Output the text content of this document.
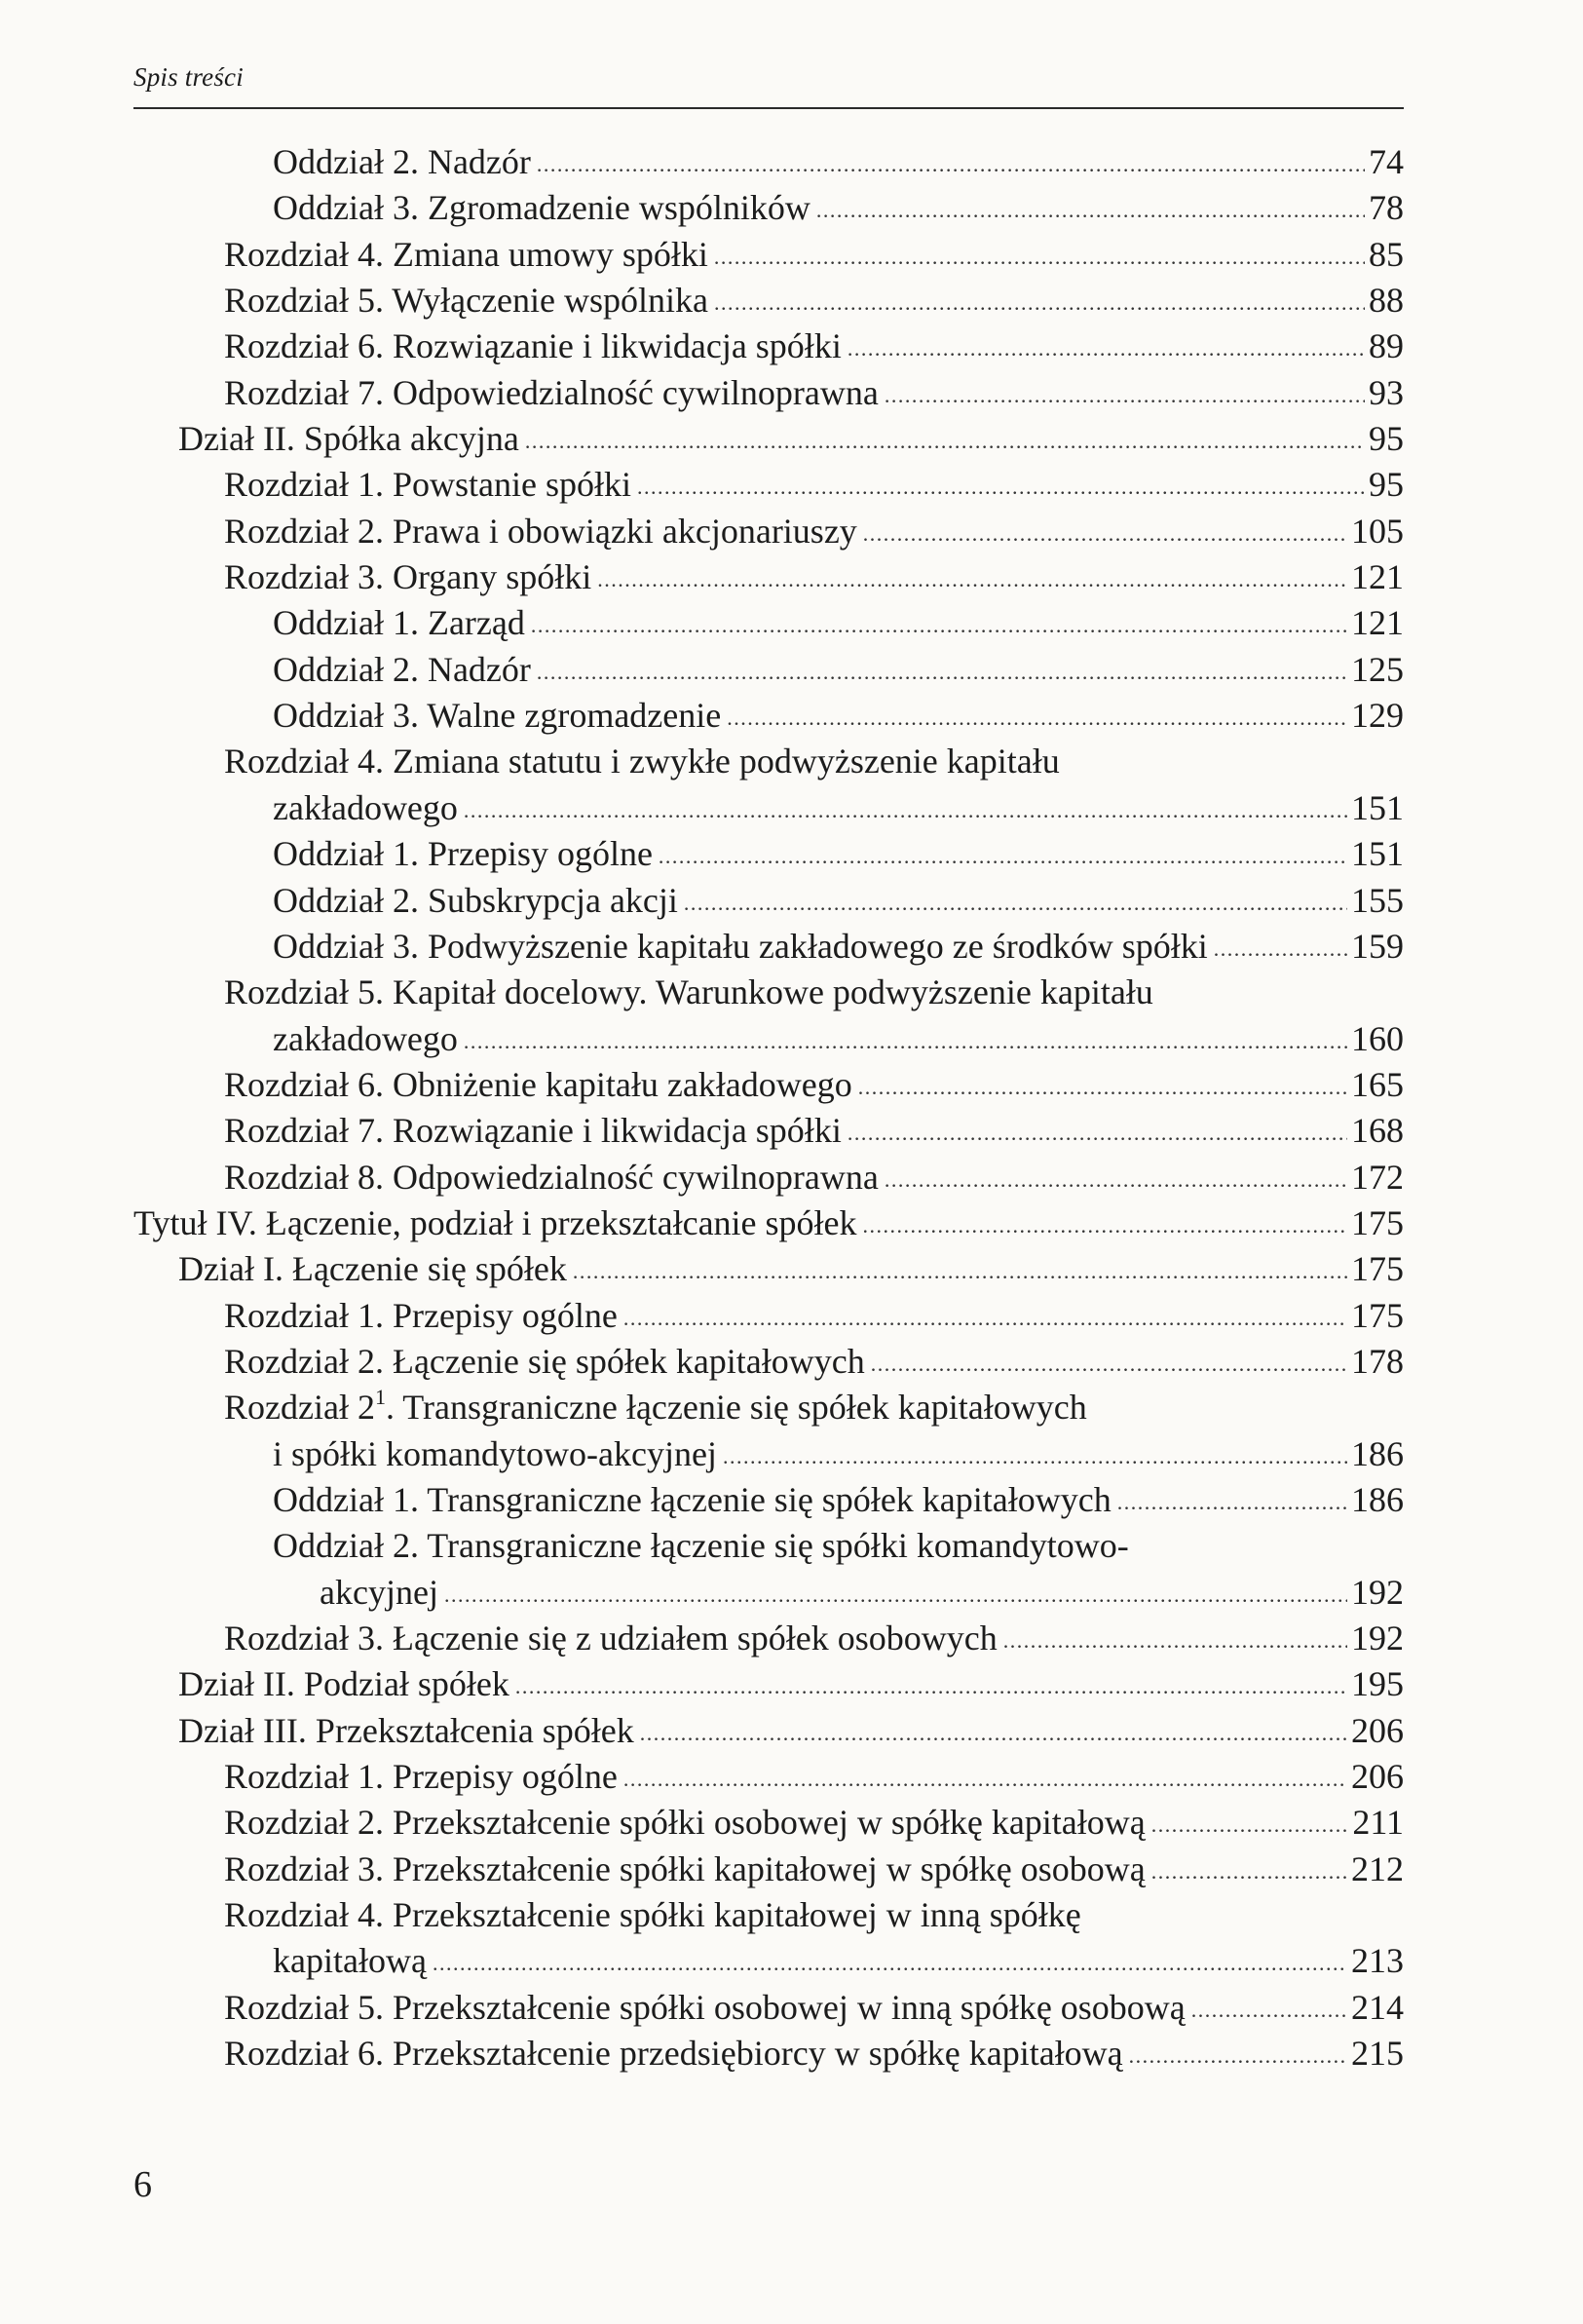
Spis treści
Oddział 2. Nadzór .....	74
Oddział 3. Zgromadzenie wspólników .....	78
Rozdział 4. Zmiana umowy spółki .....	85
Rozdział 5. Wyłączenie wspólnika .....	88
Rozdział 6. Rozwiązanie i likwidacja spółki .....	89
Rozdział 7. Odpowiedzialność cywilnoprawna .....	93
Dział II. Spółka akcyjna .....	95
Rozdział 1. Powstanie spółki .....	95
Rozdział 2. Prawa i obowiązki akcjonariuszy .....	105
Rozdział 3. Organy spółki .....	121
Oddział 1. Zarząd .....	121
Oddział 2. Nadzór .....	125
Oddział 3. Walne zgromadzenie .....	129
Rozdział 4. Zmiana statutu i zwykłe podwyższenie kapitału
zakładowego .....	151
Oddział 1. Przepisy ogólne .....	151
Oddział 2. Subskrypcja akcji .....	155
Oddział 3. Podwyższenie kapitału zakładowego ze środków spółki .....	159
Rozdział 5. Kapitał docelowy. Warunkowe podwyższenie kapitału
zakładowego .....	160
Rozdział 6. Obniżenie kapitału zakładowego .....	165
Rozdział 7. Rozwiązanie i likwidacja spółki .....	168
Rozdział 8. Odpowiedzialność cywilnoprawna .....	172
Tytuł IV. Łączenie, podział i przekształcanie spółek .....	175
Dział I. Łączenie się spółek .....	175
Rozdział 1. Przepisy ogólne .....	175
Rozdział 2. Łączenie się spółek kapitałowych .....	178
Rozdział $2^1$. Transgraniczne łączenie się spółek kapitałowych
i spółki komandytowo-akcyjnej .....	186
Oddział 1. Transgraniczne łączenie się spółek kapitałowych .....	186
Oddział 2. Transgraniczne łączenie się spółki komandytowo-
akcyjnej .....	192
Rozdział 3. Łączenie się z udziałem spółek osobowych .....	192
Dział II. Podział spółek .....	195
Dział III. Przekształcenia spółek .....	206
Rozdział 1. Przepisy ogólne .....	206
Rozdział 2. Przekształcenie spółki osobowej w spółkę kapitałową .....	211
Rozdział 3. Przekształcenie spółki kapitałowej w spółkę osobową .....	212
Rozdział 4. Przekształcenie spółki kapitałowej w inną spółkę
kapitałową .....	213
Rozdział 5. Przekształcenie spółki osobowej w inną spółkę osobową .....	214
Rozdział 6. Przekształcenie przedsiębiorcy w spółkę kapitałową .....	215
6
